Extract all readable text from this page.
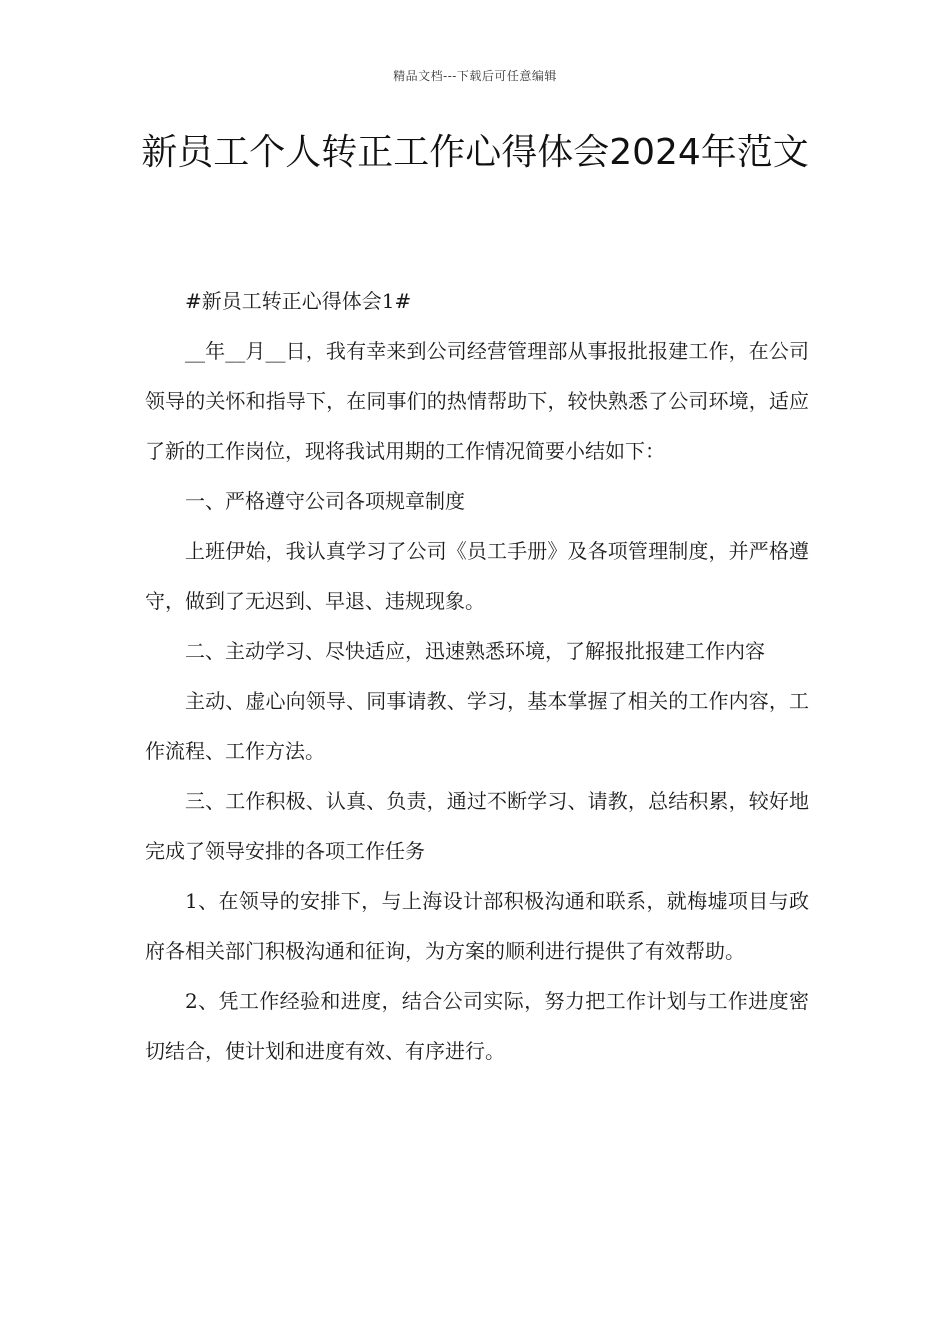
精品文档---下载后可任意编辑
新员工个人转正工作心得体会2024年范文

#新员工转正心得体会1#

__年__月__日，我有幸来到公司经营管理部从事报批报建工作，在公司领导的关怀和指导下，在同事们的热情帮助下，较快熟悉了公司环境，适应了新的工作岗位，现将我试用期的工作情况简要小结如下：

一、严格遵守公司各项规章制度

上班伊始，我认真学习了公司《员工手册》及各项管理制度，并严格遵守，做到了无迟到、早退、违规现象。

二、主动学习、尽快适应，迅速熟悉环境，了解报批报建工作内容

主动、虚心向领导、同事请教、学习，基本掌握了相关的工作内容，工作流程、工作方法。

三、工作积极、认真、负责，通过不断学习、请教，总结积累，较好地完成了领导安排的各项工作任务

1、在领导的安排下，与上海设计部积极沟通和联系，就梅墟项目与政府各相关部门积极沟通和征询，为方案的顺利进行提供了有效帮助。

2、凭工作经验和进度，结合公司实际，努力把工作计划与工作进度密切结合，使计划和进度有效、有序进行。
